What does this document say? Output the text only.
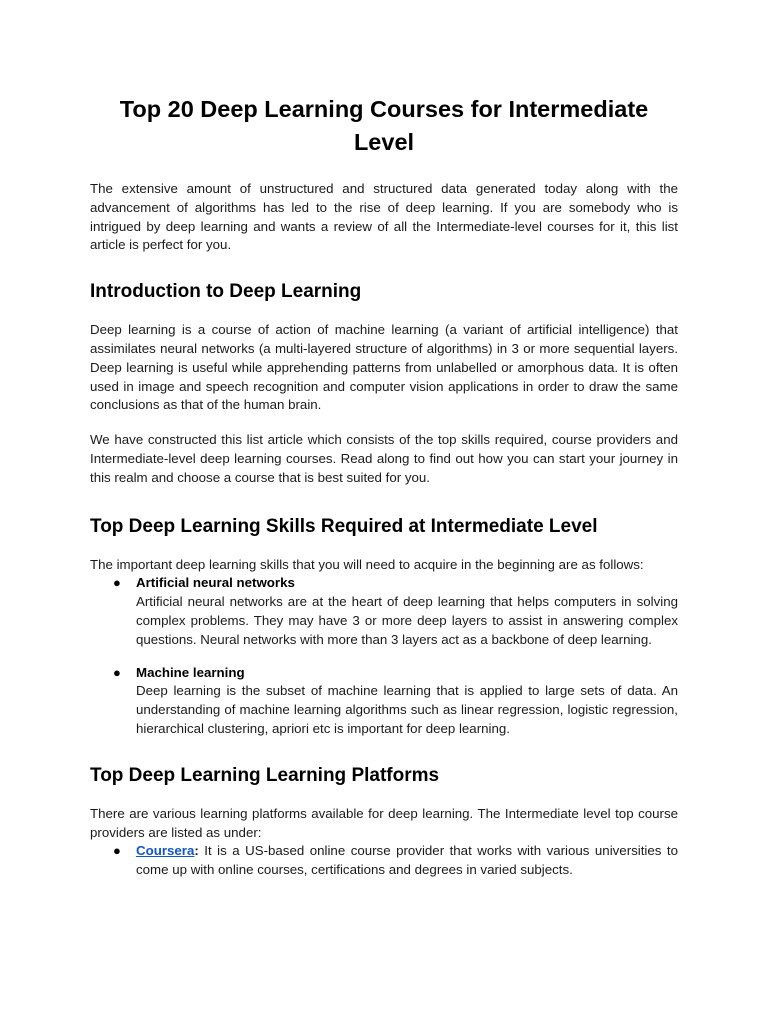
Top 20 Deep Learning Courses for Intermediate Level

The extensive amount of unstructured and structured data generated today along with the advancement of algorithms has led to the rise of deep learning. If you are somebody who is intrigued by deep learning and wants a review of all the Intermediate-level courses for it, this list article is perfect for you.

Introduction to Deep Learning

Deep learning is a course of action of machine learning (a variant of artificial intelligence) that assimilates neural networks (a multi-layered structure of algorithms) in 3 or more sequential layers. Deep learning is useful while apprehending patterns from unlabelled or amorphous data. It is often used in image and speech recognition and computer vision applications in order to draw the same conclusions as that of the human brain.

We have constructed this list article which consists of the top skills required, course providers and Intermediate-level deep learning courses. Read along to find out how you can start your journey in this realm and choose a course that is best suited for you.

Top Deep Learning Skills Required at Intermediate Level

The important deep learning skills that you will need to acquire in the beginning are as follows:

● Artificial neural networks

Artificial neural networks are at the heart of deep learning that helps computers in solving complex problems. They may have 3 or more deep layers to assist in answering complex questions. Neural networks with more than 3 layers act as a backbone of deep learning.

● Machine learning

Deep learning is the subset of machine learning that is applied to large sets of data. An understanding of machine learning algorithms such as linear regression, logistic regression, hierarchical clustering, apriori etc is important for deep learning.

Top Deep Learning Learning Platforms

There are various learning platforms available for deep learning. The Intermediate level top course providers are listed as under:

● Coursera: It is a US-based online course provider that works with various universities to come up with online courses, certifications and degrees in varied subjects.
